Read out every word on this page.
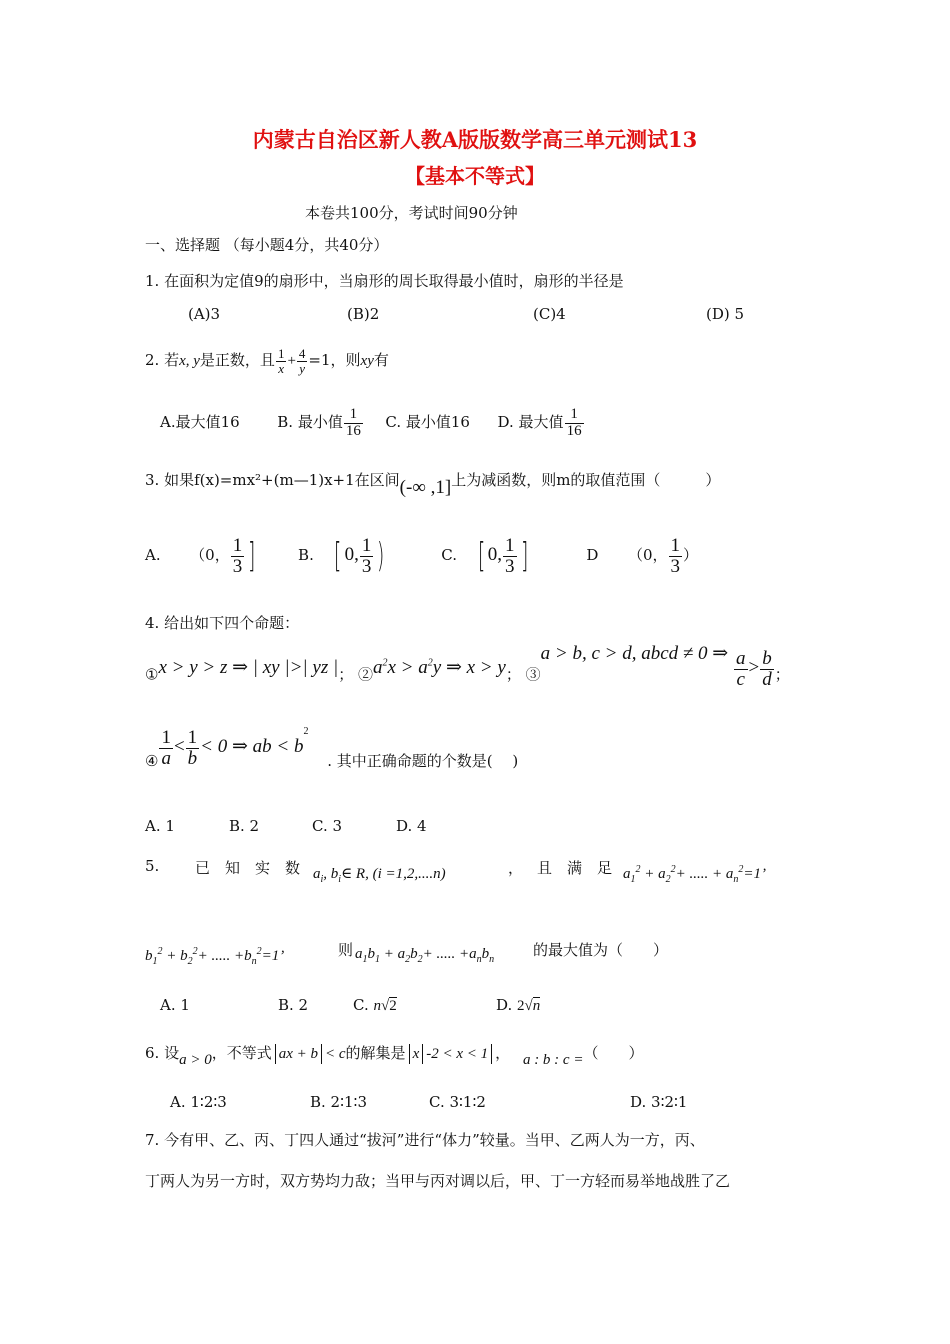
内蒙古自治区新人教A版版数学高三单元测试13
【基本不等式】
本卷共100分，考试时间90分钟
一、选择题 （每小题4分，共40分）
1. 在面积为定值9的扇形中，当扇形的周长取得最小值时，扇形的半径是
(A)3	(B)2	(C)4	(D) 5
2. 若x, y是正数，且 $\frac{1}{x} + \frac{4}{y} =1$，则xy有
A.最大值16	B. 最小值 $\frac{1}{16} C$. 最小值16 D. 最大值 $\frac{1}{16}$
3. 如果f(x)=mx²+(m—1)x+1在区间(-∞ ,1]上为减函数，则m的取值范围（　　　）
A. （0， $\frac{1}{3}$ ]	B. [ 0, $\frac{1}{3}$ )	C. [ 0, $\frac{1}{3}$ ]	D （0， $\frac{1}{3}$ ）
4. 给出如下四个命题：
①x > y > z ⇒ | xy |>| yz |； $②a^2x > a^2y$ ⇒ x > y； ③a > b, c > d, abcd ≠ 0 ⇒ $\frac{a}{c} > \frac{b}{d}$ ；
④ $\frac{1}{a} < \frac{1}{b} < 0$ ⇒ ab < $b^2$ . 其中正确命题的个数是( 　)
A. 1	B. 2	C. 3	D. 4
5. 已　知　实　数 $a_i$, $b_i\in$ R, (i =1,2,....n)	， 且　满　足 $a_1^2 + a_2^2+$ ..... + $a_n^2=1$’
$b_1^2 + b_2^2+$ ..... $+b_n^2=1$’	则 $a_1b_1 + a_2b_2+$ ..... $+a_nb_n$
的最大值为（　　）
A. 1	B. 2	C. n√2	D. 2√n
6. 设a > 0，不等式 ax + b < c的解集是 x -2 < x < 1 ， a : b : c =（　　）
A. 1∶2∶3	B. 2∶1∶3	C. 3∶1∶2	D. 3∶2∶1
7. 今有甲、乙、丙、丁四人通过“拔河”进行“体力”较量。当甲、乙两人为一方，丙、
丁两人为另一方时，双方势均力敌；当甲与丙对调以后，甲、丁一方轻而易举地战胜了乙
